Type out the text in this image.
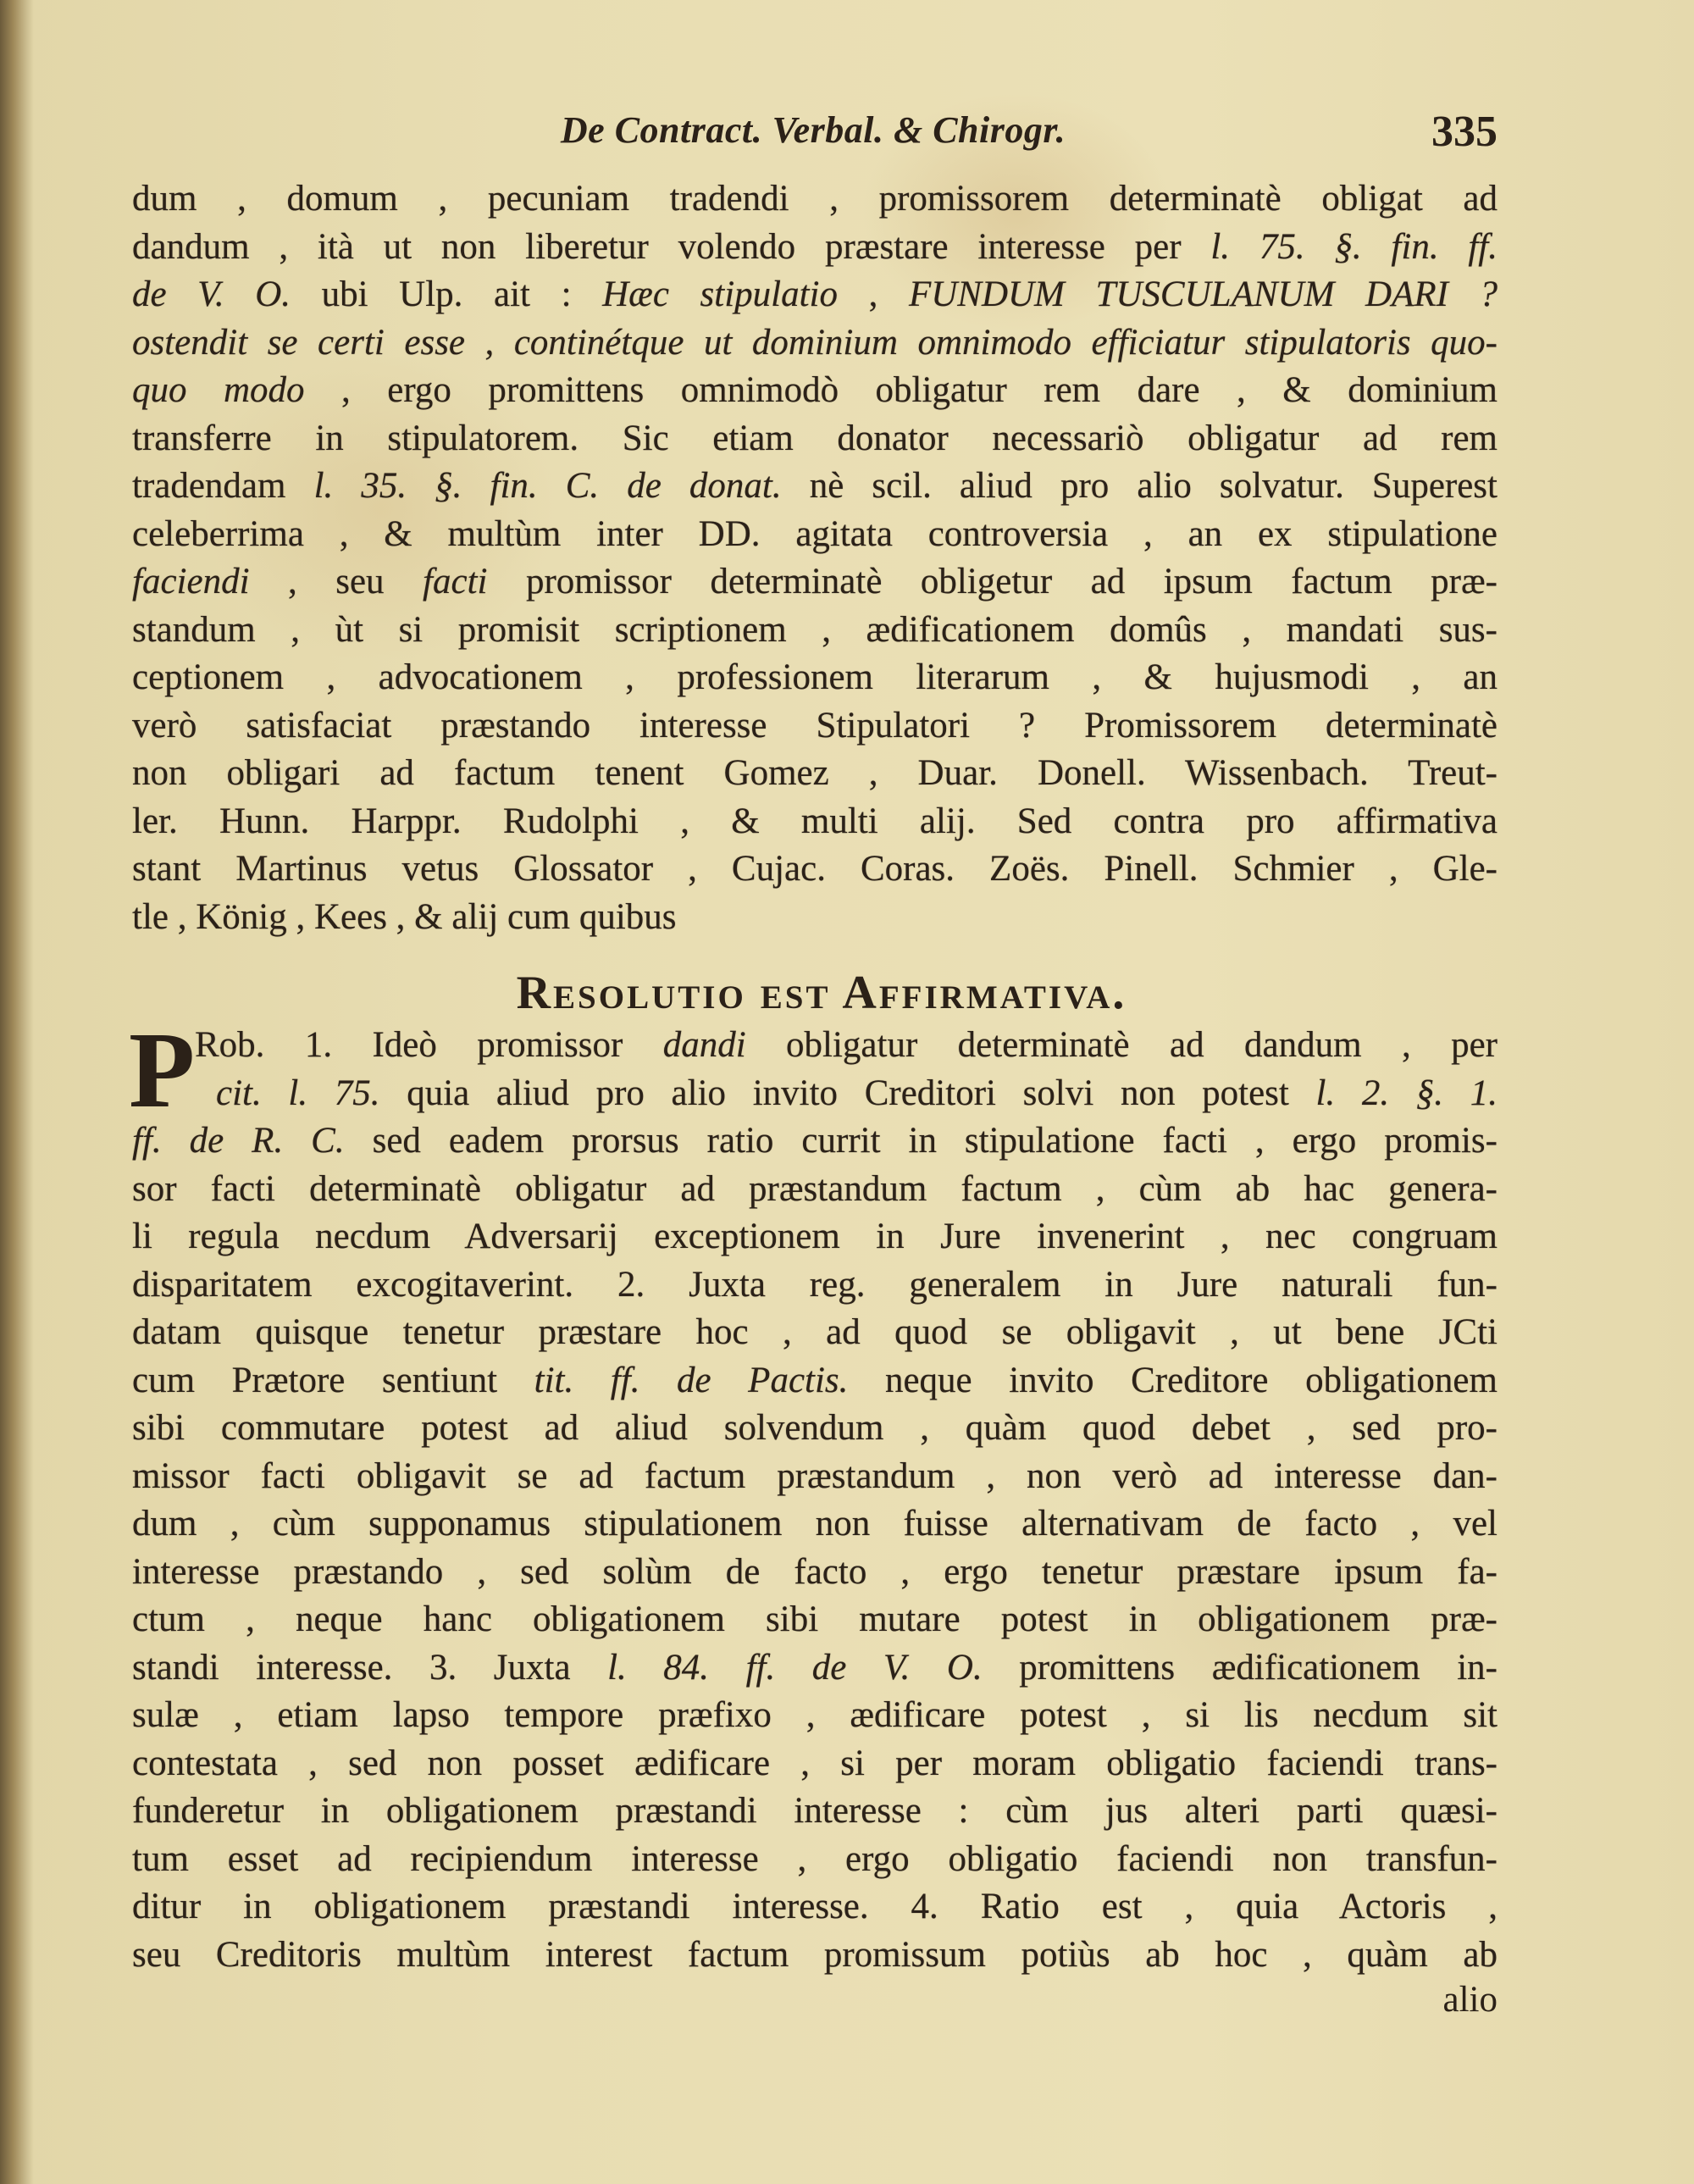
De Contract. Verbal. & Chirogr.	335
dum , domum , pecuniam tradendi , promissorem determinatè obligat ad
dandum , ità ut non liberetur volendo præstare interesse per l. 75. §. fin. ff.
de V. O. ubi Ulp. ait : Hæc stipulatio , FUNDUM TUSCULANUM DARI ?
ostendit se certi esse , continétque ut dominium omnimodo efficiatur stipulatoris quo-
quo modo , ergo promittens omnimodò obligatur rem dare , & dominium
transferre in stipulatorem. Sic etiam donator necessariò obligatur ad rem
tradendam l. 35. §. fin. C. de donat. nè scil. aliud pro alio solvatur. Superest
celeberrima , & multùm inter DD. agitata controversia , an ex stipulatione
faciendi , seu facti promissor determinatè obligetur ad ipsum factum præ-
standum , ùt si promisit scriptionem , ædificationem domûs , mandati sus-
ceptionem , advocationem , professionem literarum , & hujusmodi , an
verò satisfaciat præstando interesse Stipulatori ? Promissorem determinatè
non obligari ad factum tenent Gomez , Duar. Donell. Wissenbach. Treut-
ler. Hunn. Harppr. Rudolphi , & multi alij. Sed contra pro affirmativa
stant Martinus vetus Glossator , Cujac. Coras. Zoës. Pinell. Schmier , Gle-
tle , König , Kees , & alij cum quibus
Resolutio est Affirmativa.
P Rob. 1. Ideò promissor dandi obligatur determinatè ad dandum , per
cit. l. 75. quia aliud pro alio invito Creditori solvi non potest l. 2. §. 1.
ff. de R. C. sed eadem prorsus ratio currit in stipulatione facti , ergo promis-
sor facti determinatè obligatur ad præstandum factum , cùm ab hac genera-
li regula necdum Adversarij exceptionem in Jure invenerint , nec congruam
disparitatem excogitaverint. 2. Juxta reg. generalem in Jure naturali fun-
datam quisque tenetur præstare hoc , ad quod se obligavit , ut bene JCti
cum Prætore sentiunt tit. ff. de Pactis. neque invito Creditore obligationem
sibi commutare potest ad aliud solvendum , quàm quod debet , sed pro-
missor facti obligavit se ad factum præstandum , non verò ad interesse dan-
dum , cùm supponamus stipulationem non fuisse alternativam de facto , vel
interesse præstando , sed solùm de facto , ergo tenetur præstare ipsum fa-
ctum , neque hanc obligationem sibi mutare potest in obligationem præ-
standi interesse. 3. Juxta l. 84. ff. de V. O. promittens ædificationem in-
sulæ , etiam lapso tempore præfixo , ædificare potest , si lis necdum sit
contestata , sed non posset ædificare , si per moram obligatio faciendi trans-
funderetur in obligationem præstandi interesse : cùm jus alteri parti quæsi-
tum esset ad recipiendum interesse , ergo obligatio faciendi non transfun-
ditur in obligationem præstandi interesse. 4. Ratio est , quia Actoris ,
seu Creditoris multùm interest factum promissum potiùs ab hoc , quàm ab
alio
